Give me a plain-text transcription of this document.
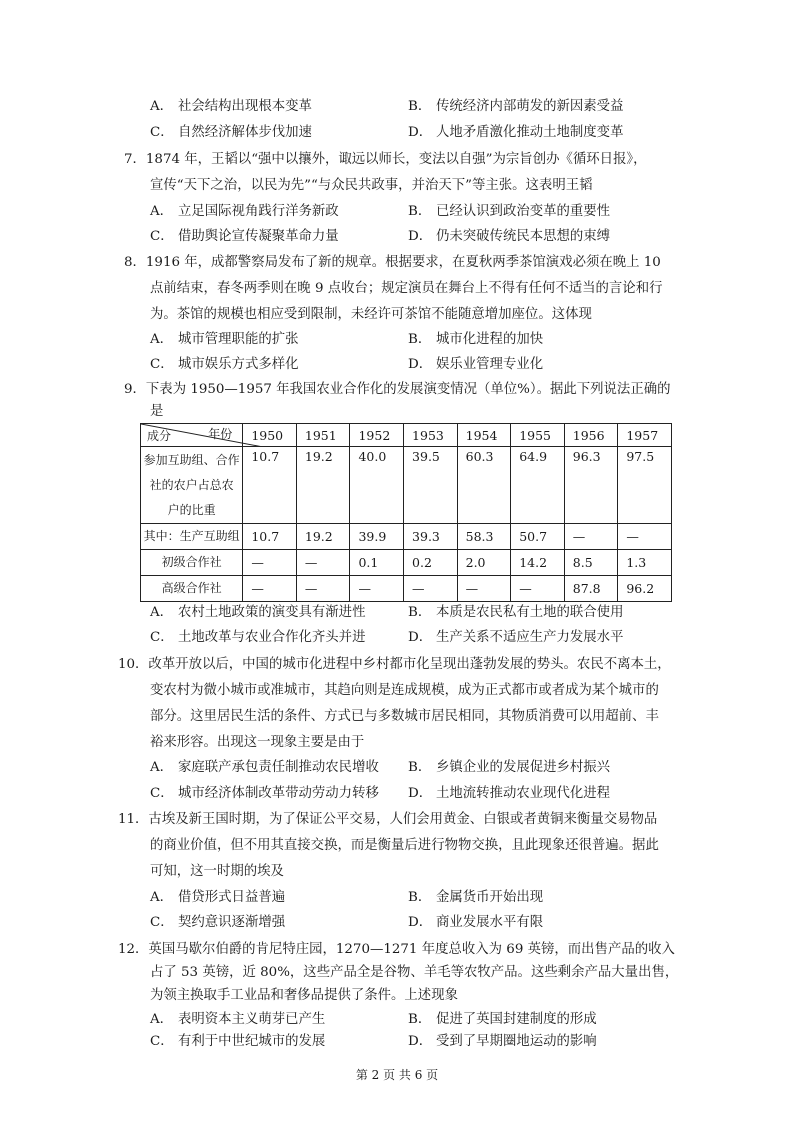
A． 社会结构出现根本变革	B． 传统经济内部萌发的新因素受益
C． 自然经济解体步伐加速	D． 人地矛盾激化推动土地制度变革
7．1874 年，王韬以“强中以攘外，诹远以师长，变法以自强”为宗旨创办《循环日报》，
宣传“天下之治，以民为先”“与众民共政事，并治天下”等主张。这表明王韬
A． 立足国际视角践行洋务新政	B． 已经认识到政治变革的重要性
C． 借助舆论宣传凝聚革命力量	D． 仍未突破传统民本思想的束缚
8．1916 年，成都警察局发布了新的规章。根据要求，在夏秋两季茶馆演戏必须在晚上 10
点前结束，春冬两季则在晚 9 点收台；规定演员在舞台上不得有任何不适当的言论和行
为。茶馆的规模也相应受到限制，未经许可茶馆不能随意增加座位。这体现
A． 城市管理职能的扩张	B． 城市化进程的加快
C． 城市娱乐方式多样化	D． 娱乐业管理专业化
9．下表为 1950—1957 年我国农业合作化的发展演变情况（单位%）。据此下列说法正确的
是
成分 年份	1950	1951	1952	1953	1954	1955	1956	1957

参加互助组、合作
社的农户占总农
户的比重	10.7	19.2	40.0	39.5	60.3	64.9	96.3	97.5
其中：生产互助组	10.7	19.2	39.9	39.3	58.3	50.7	—	—
初级合作社	—	—	0.1	0.2	2.0	14.2	8.5	1.3
高级合作社	—	—	—	—	—	—	87.8	96.2
A． 农村土地政策的演变具有渐进性	B． 本质是农民私有土地的联合使用
C． 土地改革与农业合作化齐头并进	D． 生产关系不适应生产力发展水平
10．改革开放以后，中国的城市化进程中乡村都市化呈现出蓬勃发展的势头。农民不离本土，
变农村为微小城市或准城市，其趋向则是连成规模，成为正式都市或者成为某个城市的
部分。这里居民生活的条件、方式已与多数城市居民相同，其物质消费可以用超前、丰
裕来形容。出现这一现象主要是由于
A． 家庭联产承包责任制推动农民增收 B． 乡镇企业的发展促进乡村振兴
C． 城市经济体制改革带动劳动力转移 D． 土地流转推动农业现代化进程
11．古埃及新王国时期，为了保证公平交易，人们会用黄金、白银或者黄铜来衡量交易物品
的商业价值，但不用其直接交换，而是衡量后进行物物交换，且此现象还很普遍。据此
可知，这一时期的埃及
A． 借贷形式日益普遍	B． 金属货币开始出现
C． 契约意识逐渐增强	D． 商业发展水平有限
12．英国马歇尔伯爵的肯尼特庄园，1270—1271 年度总收入为 69 英镑，而出售产品的收入
占了 53 英镑，近 80%，这些产品全是谷物、羊毛等农牧产品。这些剩余产品大量出售，
为领主换取手工业品和奢侈品提供了条件。上述现象
A． 表明资本主义萌芽已产生	B． 促进了英国封建制度的形成
C． 有利于中世纪城市的发展	D． 受到了早期圈地运动的影响
第 2 页 共 6 页
